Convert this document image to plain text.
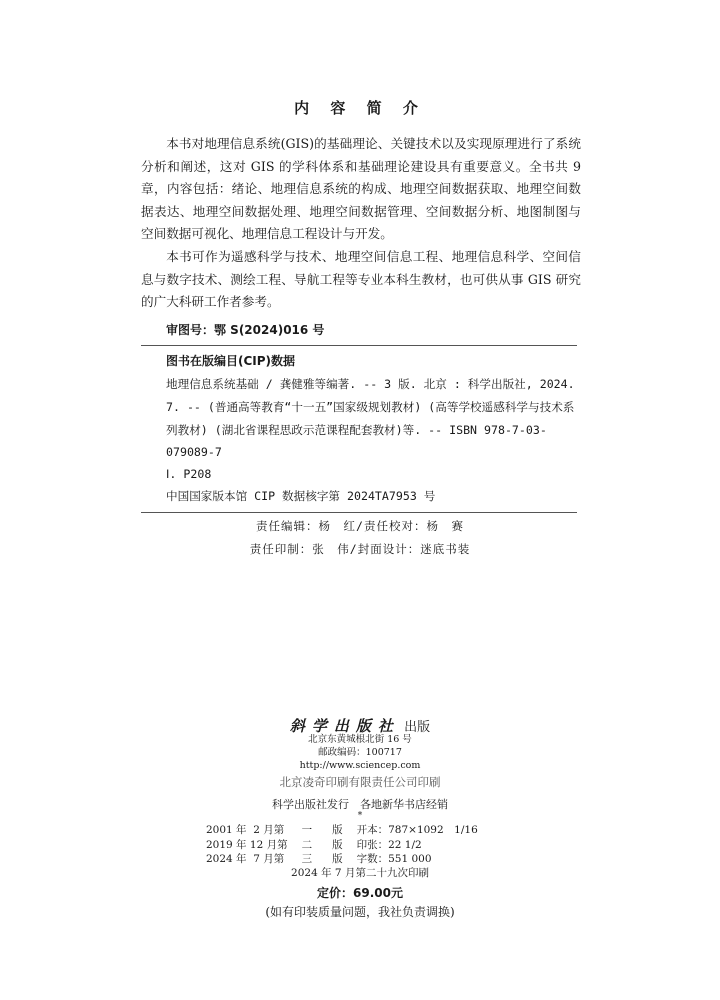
内 容 简 介

本书对地理信息系统(GIS)的基础理论、关键技术以及实现原理进行了系统分析和阐述，这对 GIS 的学科体系和基础理论建设具有重要意义。全书共 9 章，内容包括：绪论、地理信息系统的构成、地理空间数据获取、地理空间数据表达、地理空间数据处理、地理空间数据管理、空间数据分析、地图制图与空间数据可视化、地理信息工程设计与开发。

本书可作为遥感科学与技术、地理空间信息工程、地理信息科学、空间信息与数字技术、测绘工程、导航工程等专业本科生教材，也可供从事 GIS 研究的广大科研工作者参考。

审图号：鄂 S(2024)016 号
图书在版编目(CIP)数据

地理信息系统基础 / 龚健雅等编著. -- 3 版. 北京 : 科学出版社, 2024. 7. -- (普通高等教育“十一五”国家级规划教材) (高等学校遥感科学与技术系列教材) (湖北省课程思政示范课程配套教材)等. -- ISBN 978-7-03-079089-7

Ⅰ. P208
中国国家版本馆 CIP 数据核字第 2024TA7953 号
责任编辑：杨　红/责任校对：杨　赛
责任印制：张　伟/封面设计：迷底书装
斜学出版社 出版
北京东黄城根北街 16 号
邮政编码：100717
http://www.sciencep.com
北京凌奇印刷有限责任公司印刷
科学出版社发行　各地新华书店经销
*
2001 年  2 月第	一	版	开本：787×1092　1/16
2019 年 12 月第	二	版	印张：22 1/2
2024 年  7 月第	三	版	字数：551 000
2024 年 7 月第二十九次印刷
定价：69.00元
(如有印装质量问题，我社负责调换)
